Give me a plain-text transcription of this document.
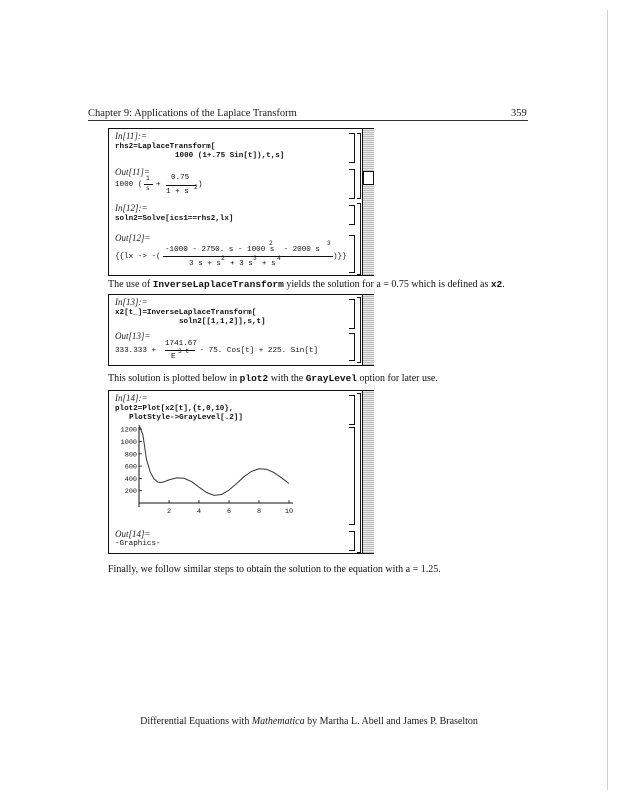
Chapter 9: Applications of the Laplace Transform	359
In[11]:=
rhs2=LaplaceTransform[
1000 (1+.75 Sin[t]),t,s]
Out[11]=
1000 (
1
s +
0.75
1 + s
2 )
In[12]:=
soln2=Solve[ics1==rhs2,lx]
Out[12]=
{{lx -> -(
-1000 - 2750. s - 1000 s  - 2000 s
2	3
3 s + s  + 3 s  + s
2	3	4	)}}
The use of InverseLaplaceTransform yields the solution for a = 0.75 which is defined as x2.
In[13]:=
x2[t_]=InverseLaplaceTransform[
soln2[[1,1,2]],s,t]
Out[13]=
333.333 +
1741.67
E
3 t - 75. Cos[t] + 225. Sin[t]
This solution is plotted below in plot2 with the GrayLevel option for later use.
In[14]:=
plot2=Plot[x2[t],{t,0,10},
PlotStyle->GrayLevel[.2]]
2	4	6	8	10
200
400
600
800
1000
1200
Out[14]=
-Graphics-
Finally, we follow similar steps to obtain the solution to the equation with a = 1.25.
Differential Equations with Mathematica by Martha L. Abell and James P. Braselton
